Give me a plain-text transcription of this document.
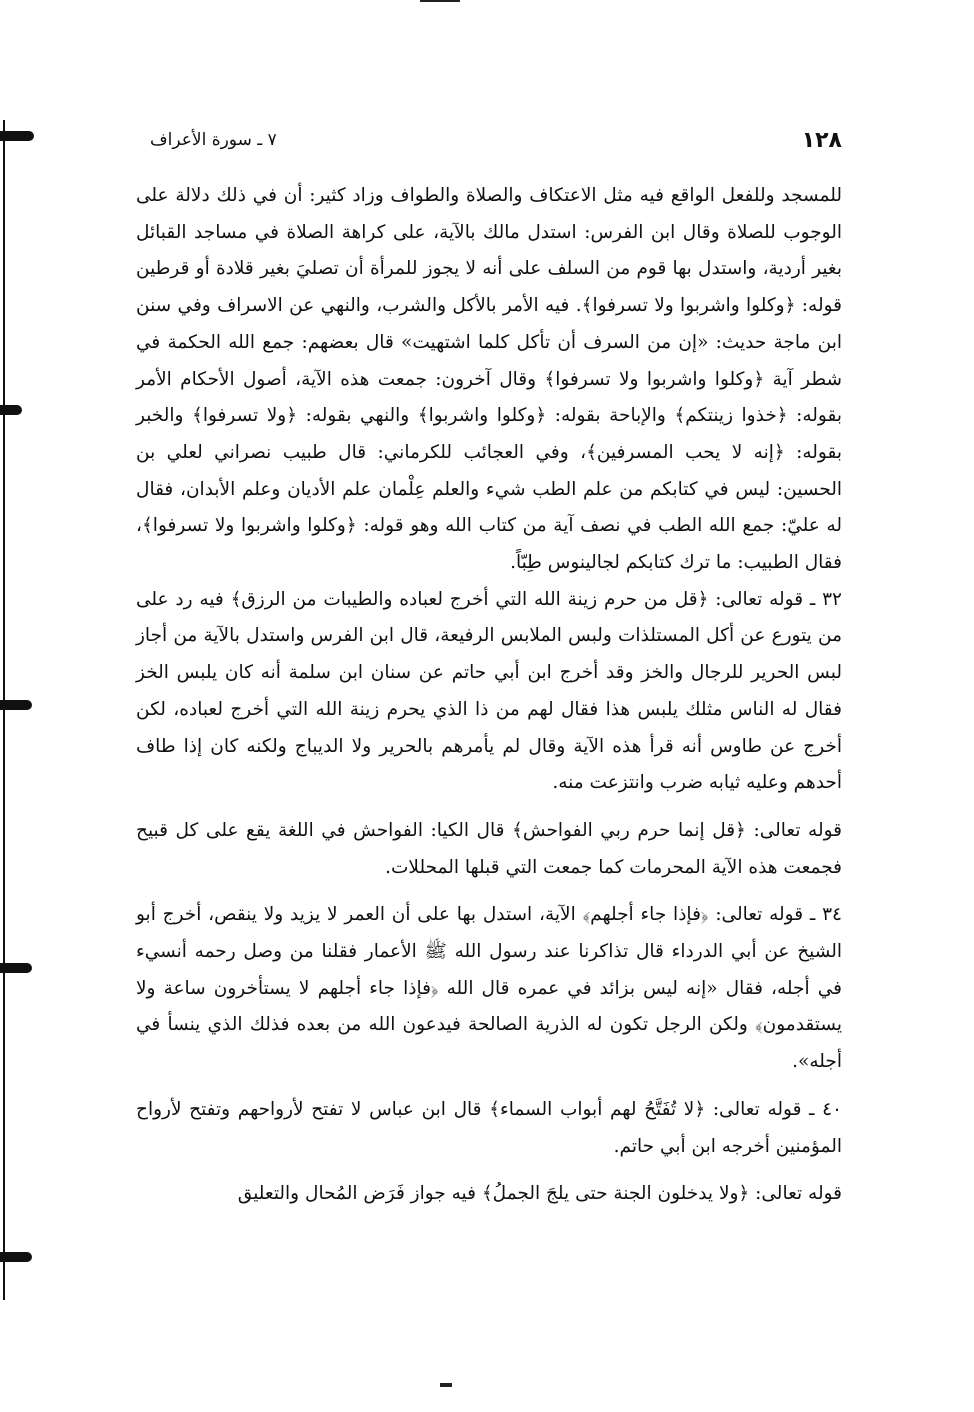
١٢٨
٧ ـ سورة الأعراف

للمسجد وللفعل الواقع فيه مثل الاعتكاف والصلاة والطواف وزاد كثير: أن في ذلك دلالة على الوجوب للصلاة وقال ابن الفرس: استدل مالك بالآية، على كراهة الصلاة في مساجد القبائل بغير أردية، واستدل بها قوم من السلف على أنه لا يجوز للمرأة أن تصليَ بغير قلادة أو قرطين قوله: ﴿وكلوا واشربوا ولا تسرفوا﴾. فيه الأمر بالأكل والشرب، والنهي عن الاسراف وفي سنن ابن ماجة حديث: «إن من السرف أن تأكل كلما اشتهيت» قال بعضهم: جمع الله الحكمة في شطر آية ﴿وكلوا واشربوا ولا تسرفوا﴾ وقال آخرون: جمعت هذه الآية، أصول الأحكام الأمر بقوله: ﴿خذوا زينتكم﴾ والإباحة بقوله: ﴿وكلوا واشربوا﴾ والنهي بقوله: ﴿ولا تسرفوا﴾ والخبر بقوله: ﴿إنه لا يحب المسرفين﴾، وفي العجائب للكرماني: قال طبيب نصراني لعلي بن الحسين: ليس في كتابكم من علم الطب شيء والعلم عِلْمان علم الأديان وعلم الأبدان، فقال له عليّ: جمع الله الطب في نصف آية من كتاب الله وهو قوله: ﴿وكلوا واشربوا ولا تسرفوا﴾، فقال الطبيب: ما ترك كتابكم لجالينوس طِبّاً.

٣٢ ـ قوله تعالى: ﴿قل من حرم زينة الله التي أخرج لعباده والطيبات من الرزق﴾ فيه رد على من يتورع عن أكل المستلذات ولبس الملابس الرفيعة، قال ابن الفرس واستدل بالآية من أجاز لبس الحرير للرجال والخز وقد أخرج ابن أبي حاتم عن سنان ابن سلمة أنه كان يلبس الخز فقال له الناس مثلك يلبس هذا فقال لهم من ذا الذي يحرم زينة الله التي أخرج لعباده، لكن أخرج عن طاوس أنه قرأ هذه الآية وقال لم يأمرهم بالحرير ولا الديباج ولكنه كان إذا طاف أحدهم وعليه ثيابه ضرب وانتزعت منه.

قوله تعالى: ﴿قل إنما حرم ربي الفواحش﴾ قال الكيا: الفواحش في اللغة يقع على كل قبيح فجمعت هذه الآية المحرمات كما جمعت التي قبلها المحللات.

٣٤ ـ قوله تعالى: ﴿فإذا جاء أجلهم﴾ الآية، استدل بها على أن العمر لا يزيد ولا ينقص، أخرج أبو الشيخ عن أبي الدرداء قال تذاكرنا عند رسول الله ﷺ الأعمار فقلنا من وصل رحمه أنسيء في أجله، فقال «إنه ليس بزائد في عمره قال الله ﴿فإذا جاء أجلهم لا يستأخرون ساعة ولا يستقدمون﴾ ولكن الرجل تكون له الذرية الصالحة فيدعون الله من بعده فذلك الذي ينسأ في أجله».

٤٠ ـ قوله تعالى: ﴿لا تُفَتَّحُ لهم أبواب السماء﴾ قال ابن عباس لا تفتح لأرواحهم وتفتح لأرواح المؤمنين أخرجه ابن أبي حاتم.

قوله تعالى: ﴿ولا يدخلون الجنة حتى يلجَ الجملُ﴾ فيه جواز فَرَض المُحال والتعليق
